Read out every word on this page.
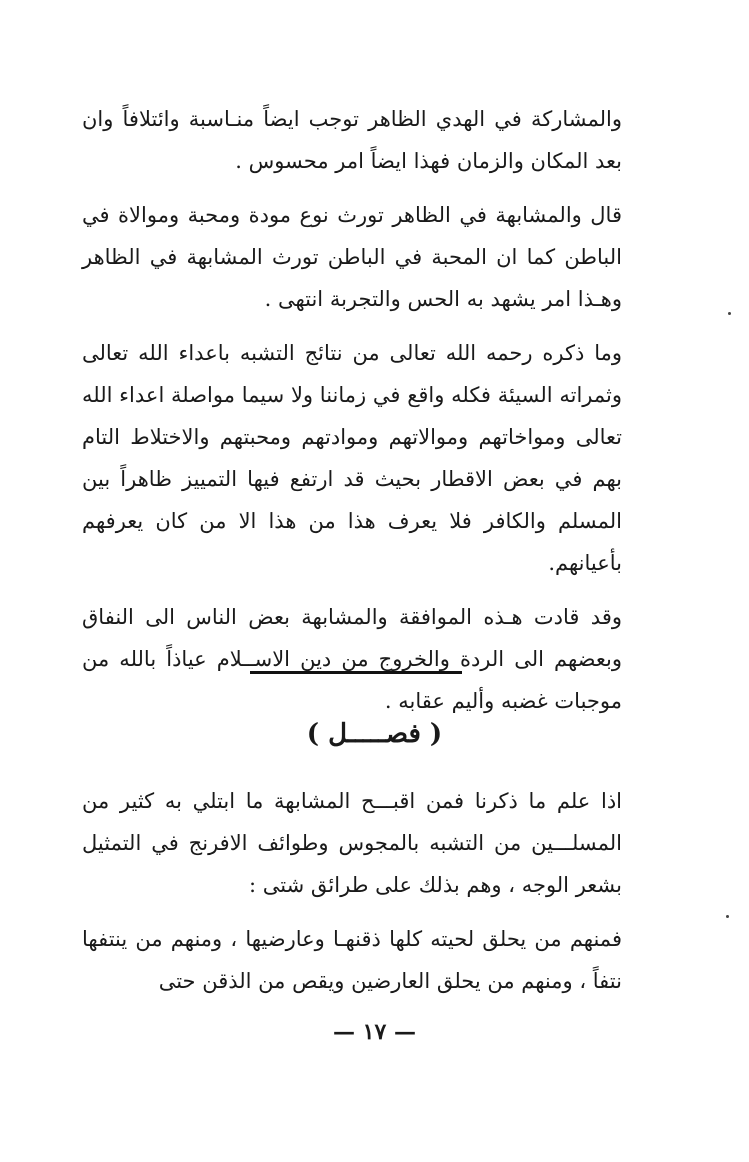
والمشاركة في الهدي الظاهر توجب ايضاً منـاسبة وائتلافاً وان بعد المكان والزمان فهذا ايضاً امر محسوس .

قال والمشابهة في الظاهر تورث نوع مودة ومحبة وموالاة في الباطن كما ان المحبة في الباطن تورث المشابهة في الظاهر وهـذا امر يشهد به الحس والتجربة انتهى .

وما ذكره رحمه الله تعالى من نتائج التشبه باعداء الله تعالى وثمراته السيئة فكله واقع في زماننا ولا سيما مواصلة اعداء الله تعالى ومواخاتهم وموالاتهم وموادتهم ومحبتهم والاختلاط التام بهم في بعض الاقطار بحيث قد ارتفع فيها التمييز ظاهراً بين المسلم والكافر فلا يعرف هذا من هذا الا من كان يعرفهم بأعيانهم.

وقد قادت هـذه الموافقة والمشابهة بعض الناس الى النفاق وبعضهم الى الردة والخروج من دين الاســلام عياذاً بالله من موجبات غضبه وأليم عقابه .

( فصـــــل )

اذا علم ما ذكرنا فمن اقبـــح المشابهة ما ابتلي به كثير من المسلـــين من التشبه بالمجوس وطوائف الافرنج في التمثيل بشعر الوجه ، وهم بذلك على طرائق شتى :

فمنهم من يحلق لحيته كلها ذقنهـا وعارضيها ، ومنهم من ينتفها نتفاً ، ومنهم من يحلق العارضين ويقص من الذقن حتى

— ١٧ —
